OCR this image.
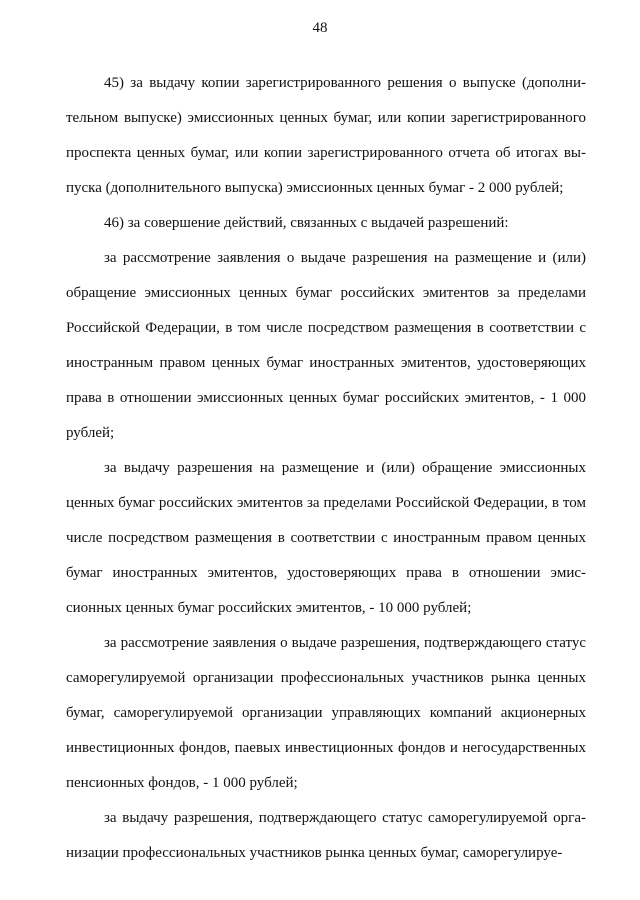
48

45) за выдачу копии зарегистрированного решения о выпуске (дополнительном выпуске) эмиссионных ценных бумаг, или копии зарегистрированного проспекта ценных бумаг, или копии зарегистрированного отчета об итогах выпуска (дополнительного выпуска) эмиссионных ценных бумаг - 2 000 рублей;

46) за совершение действий, связанных с выдачей разрешений:

за рассмотрение заявления о выдаче разрешения на размещение и (или) обращение эмиссионных ценных бумаг российских эмитентов за пределами Российской Федерации, в том числе посредством размещения в соответствии с иностранным правом ценных бумаг иностранных эмитентов, удостоверяющих права в отношении эмиссионных ценных бумаг российских эмитентов, - 1 000 рублей;

за выдачу разрешения на размещение и (или) обращение эмиссионных ценных бумаг российских эмитентов за пределами Российской Федерации, в том числе посредством размещения в соответствии с иностранным правом ценных бумаг иностранных эмитентов, удостоверяющих права в отношении эмиссионных ценных бумаг российских эмитентов, - 10 000 рублей;

за рассмотрение заявления о выдаче разрешения, подтверждающего статус саморегулируемой организации профессиональных участников рынка ценных бумаг, саморегулируемой организации управляющих компаний акционерных инвестиционных фондов, паевых инвестиционных фондов и негосударственных пенсионных фондов, - 1 000 рублей;

за выдачу разрешения, подтверждающего статус саморегулируемой организации профессиональных участников рынка ценных бумаг, саморегулируе-
